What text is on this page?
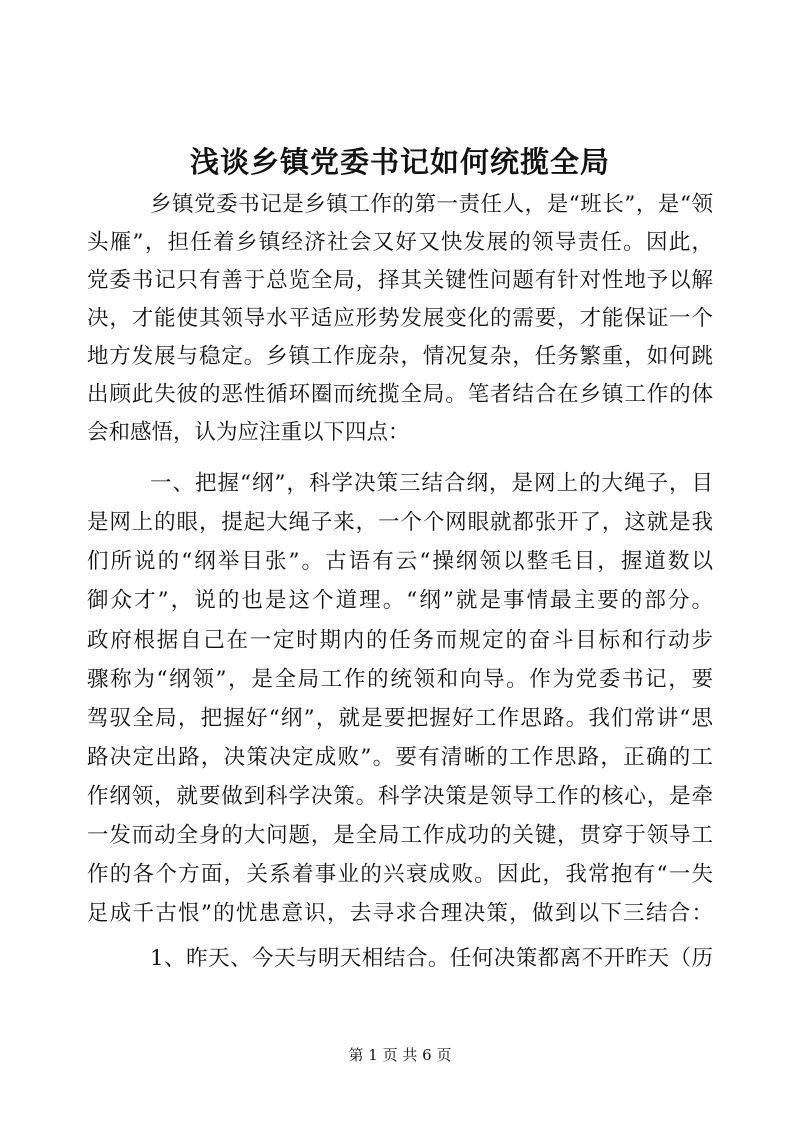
浅谈乡镇党委书记如何统揽全局
乡镇党委书记是乡镇工作的第一责任人，是“班长”，是“领
头雁”，担任着乡镇经济社会又好又快发展的领导责任。因此，
党委书记只有善于总览全局，择其关键性问题有针对性地予以解
决，才能使其领导水平适应形势发展变化的需要，才能保证一个
地方发展与稳定。乡镇工作庞杂，情况复杂，任务繁重，如何跳
出顾此失彼的恶性循环圈而统揽全局。笔者结合在乡镇工作的体
会和感悟，认为应注重以下四点：
一、把握“纲”，科学决策三结合纲，是网上的大绳子，目
是网上的眼，提起大绳子来，一个个网眼就都张开了，这就是我
们所说的“纲举目张”。古语有云“操纲领以整毛目，握道数以
御众才”，说的也是这个道理。“纲”就是事情最主要的部分。
政府根据自己在一定时期内的任务而规定的奋斗目标和行动步
骤称为“纲领”，是全局工作的统领和向导。作为党委书记，要
驾驭全局，把握好“纲”，就是要把握好工作思路。我们常讲“思
路决定出路，决策决定成败”。要有清晰的工作思路，正确的工
作纲领，就要做到科学决策。科学决策是领导工作的核心，是牵
一发而动全身的大问题，是全局工作成功的关键，贯穿于领导工
作的各个方面，关系着事业的兴衰成败。因此，我常抱有“一失
足成千古恨”的忧患意识，去寻求合理决策，做到以下三结合：
1、昨天、今天与明天相结合。任何决策都离不开昨天（历
第 1 页 共 6 页
